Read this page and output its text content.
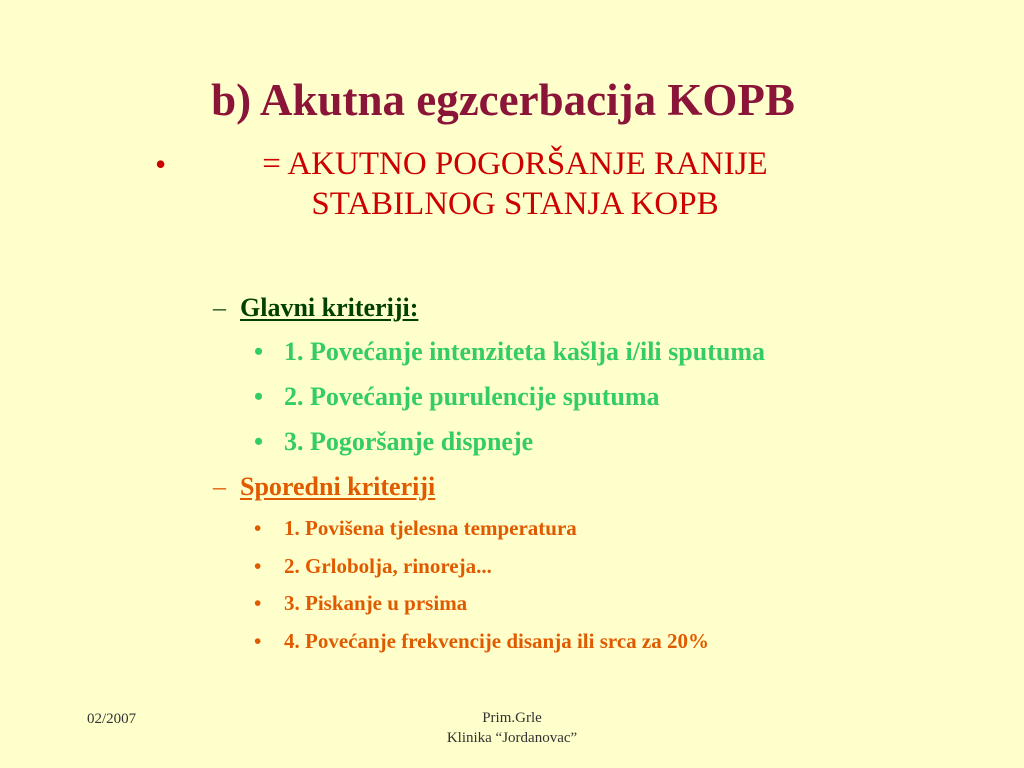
b) Akutna egzcerbacija KOPB
•	= AKUTNO POGORŠANJE RANIJE
STABILNOG STANJA KOPB
– Glavni kriteriji:
• 1. Povećanje intenziteta kašlja i/ili sputuma
• 2. Povećanje purulencije sputuma
• 3. Pogoršanje dispneje
– Sporedni kriteriji
• 1. Povišena tjelesna temperatura
• 2. Grlobolja, rinoreja...
• 3. Piskanje u prsima
• 4. Povećanje frekvencije disanja ili srca za 20%
02/2007	Prim.Grle
Klinika “Jordanovac”
